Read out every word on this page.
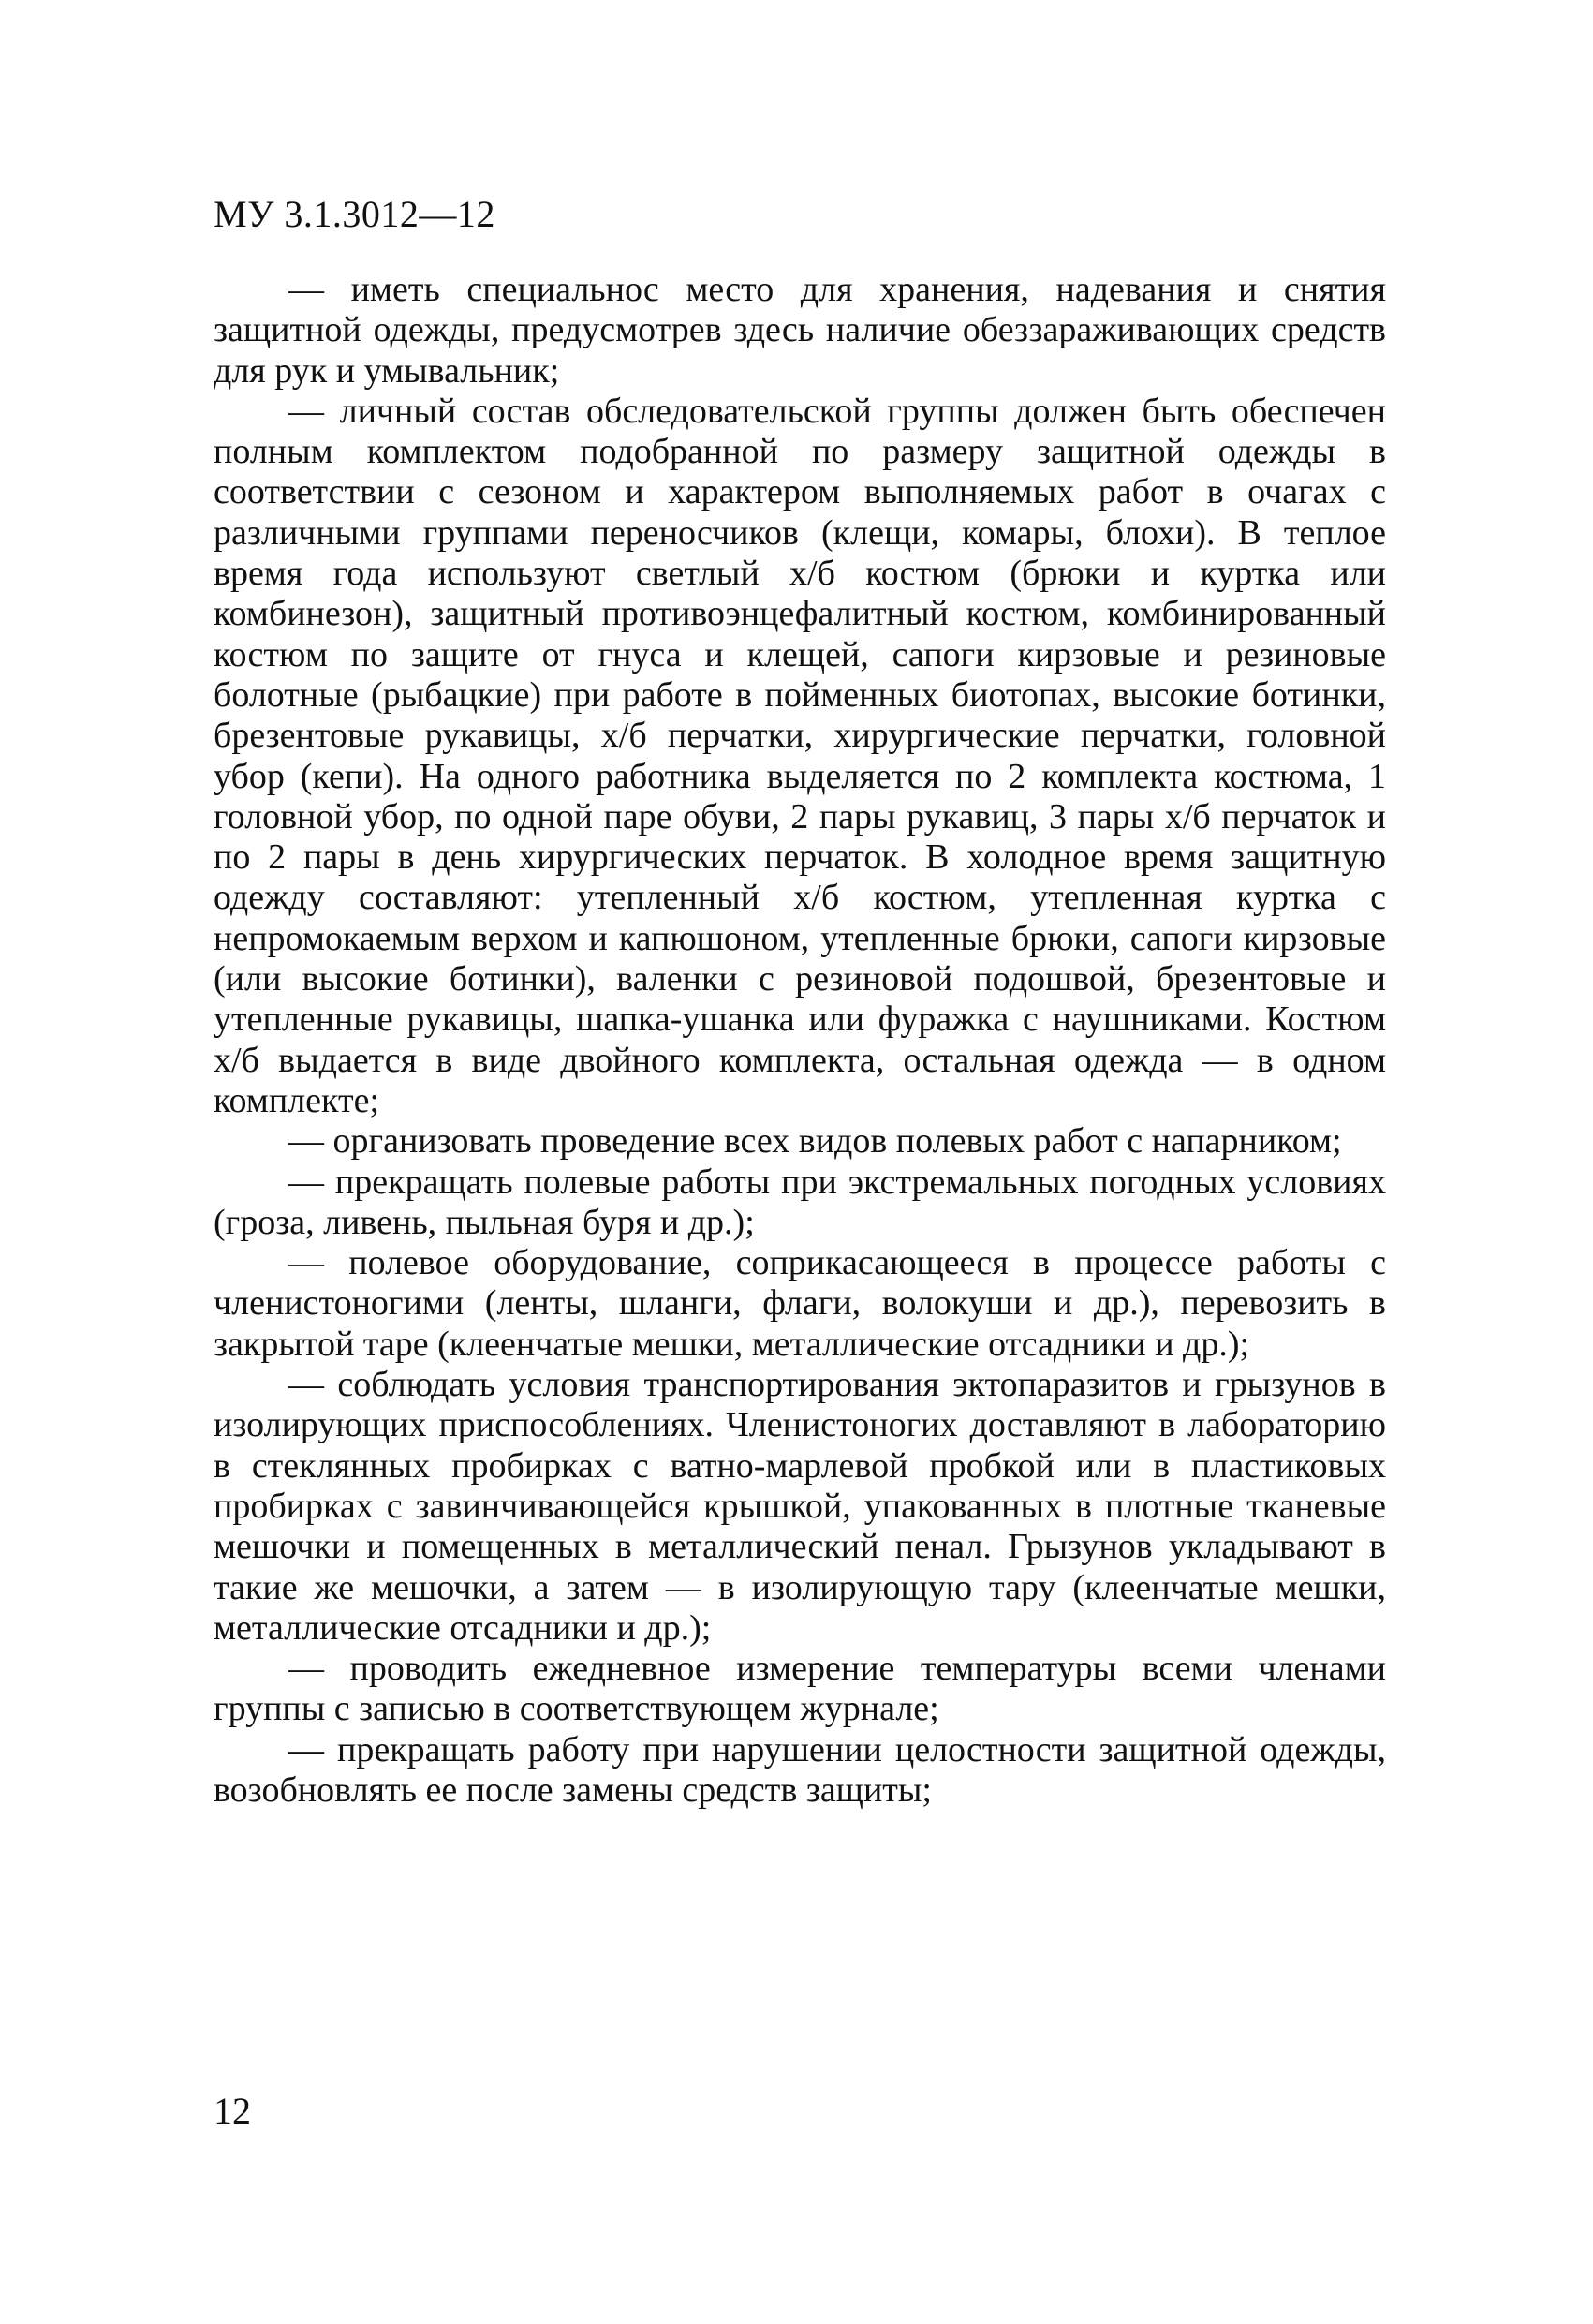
МУ 3.1.3012—12

— иметь специальнос место для хранения, надевания и снятия защитной одежды, предусмотрев здесь наличие обеззараживающих средств для рук и умывальник;

— личный состав обследовательской группы должен быть обеспечен полным комплектом подобранной по размеру защитной одежды в соответствии с сезоном и характером выполняемых работ в очагах с различными группами переносчиков (клещи, комары, блохи). В теплое время года используют светлый х/б костюм (брюки и куртка или комбинезон), защитный противоэнцефалитный костюм, комбинированный костюм по защите от гнуса и клещей, сапоги кирзовые и резиновые болотные (рыбацкие) при работе в пойменных биотопах, высокие ботинки, брезентовые рукавицы, х/б перчатки, хирургические перчатки, головной убор (кепи). На одного работника выделяется по 2 комплекта костюма, 1 головной убор, по одной паре обуви, 2 пары рукавиц, 3 пары х/б перчаток и по 2 пары в день хирургических перчаток. В холодное время защитную одежду составляют: утепленный х/б костюм, утепленная куртка с непромокаемым верхом и капюшоном, утепленные брюки, сапоги кирзовые (или высокие ботинки), валенки с резиновой подошвой, брезентовые и утепленные рукавицы, шапка-ушанка или фуражка с наушниками. Костюм х/б выдается в виде двойного комплекта, остальная одежда — в одном комплекте;

— организовать проведение всех видов полевых работ с напарником;

— прекращать полевые работы при экстремальных погодных условиях (гроза, ливень, пыльная буря и др.);

— полевое оборудование, соприкасающееся в процессе работы с членистоногими (ленты, шланги, флаги, волокуши и др.), перевозить в закрытой таре (клеенчатые мешки, металлические отсадники и др.);

— соблюдать условия транспортирования эктопаразитов и грызунов в изолирующих приспособлениях. Членистоногих доставляют в лабораторию в стеклянных пробирках с ватно-марлевой пробкой или в пластиковых пробирках с завинчивающейся крышкой, упакованных в плотные тканевые мешочки и помещенных в металлический пенал. Грызунов укладывают в такие же мешочки, а затем — в изолирующую тару (клеенчатые мешки, металлические отсадники и др.);

— проводить ежедневное измерение температуры всеми членами группы с записью в соответствующем журнале;

— прекращать работу при нарушении целостности защитной одежды, возобновлять ее после замены средств защиты;

12
